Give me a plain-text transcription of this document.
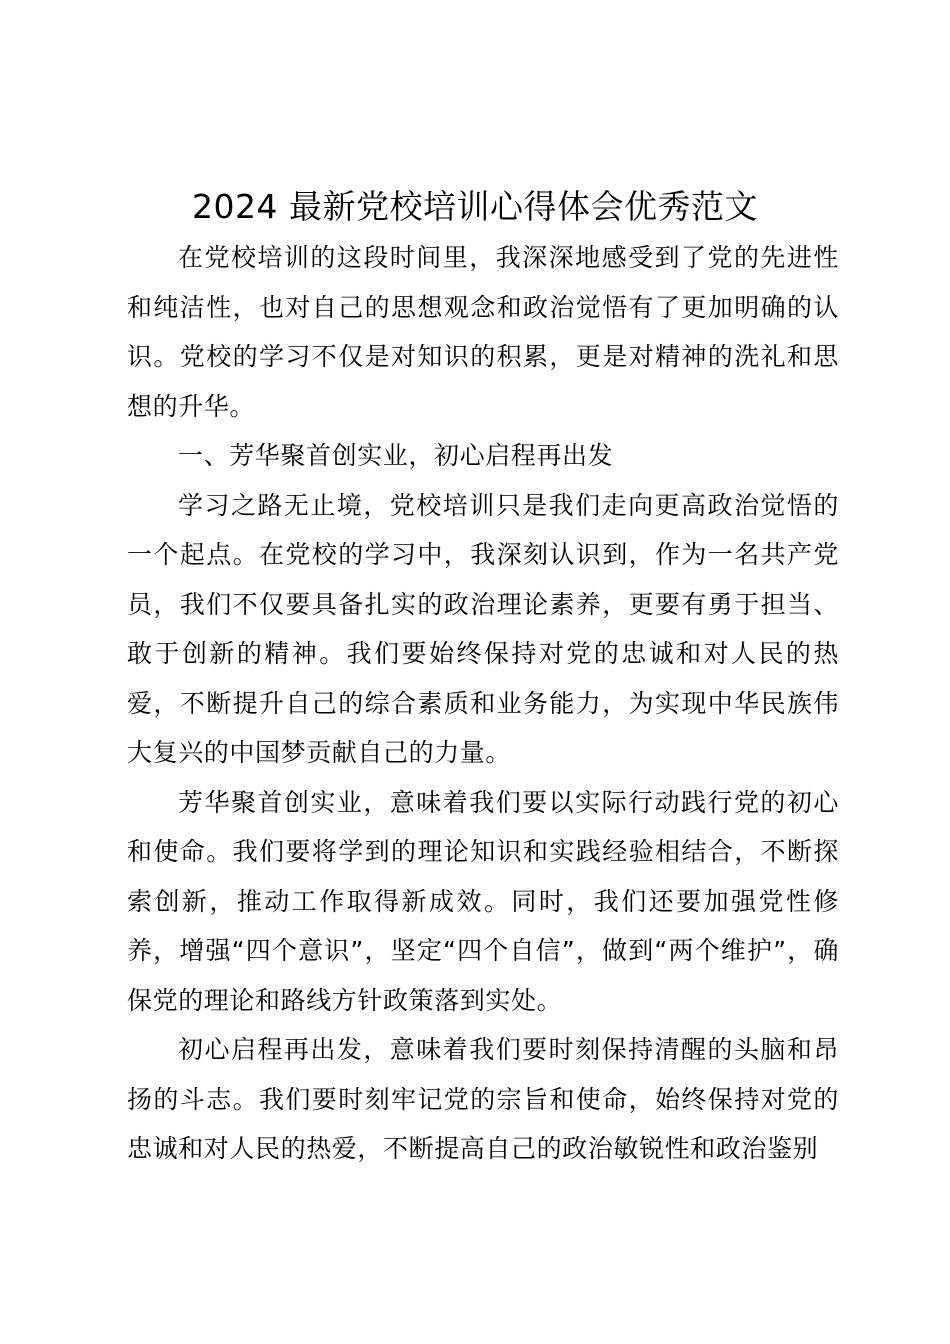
2024 最新党校培训心得体会优秀范文

在党校培训的这段时间里，我深深地感受到了党的先进性和纯洁性，也对自己的思想观念和政治觉悟有了更加明确的认识。党校的学习不仅是对知识的积累，更是对精神的洗礼和思想的升华。

一、芳华聚首创实业，初心启程再出发

学习之路无止境，党校培训只是我们走向更高政治觉悟的一个起点。在党校的学习中，我深刻认识到，作为一名共产党员，我们不仅要具备扎实的政治理论素养，更要有勇于担当、敢于创新的精神。我们要始终保持对党的忠诚和对人民的热爱，不断提升自己的综合素质和业务能力，为实现中华民族伟大复兴的中国梦贡献自己的力量。

芳华聚首创实业，意味着我们要以实际行动践行党的初心和使命。我们要将学到的理论知识和实践经验相结合，不断探索创新，推动工作取得新成效。同时，我们还要加强党性修养，增强“四个意识”，坚定“四个自信”，做到“两个维护”，确保党的理论和路线方针政策落到实处。

初心启程再出发，意味着我们要时刻保持清醒的头脑和昂扬的斗志。我们要时刻牢记党的宗旨和使命，始终保持对党的忠诚和对人民的热爱，不断提高自己的政治敏锐性和政治鉴别
